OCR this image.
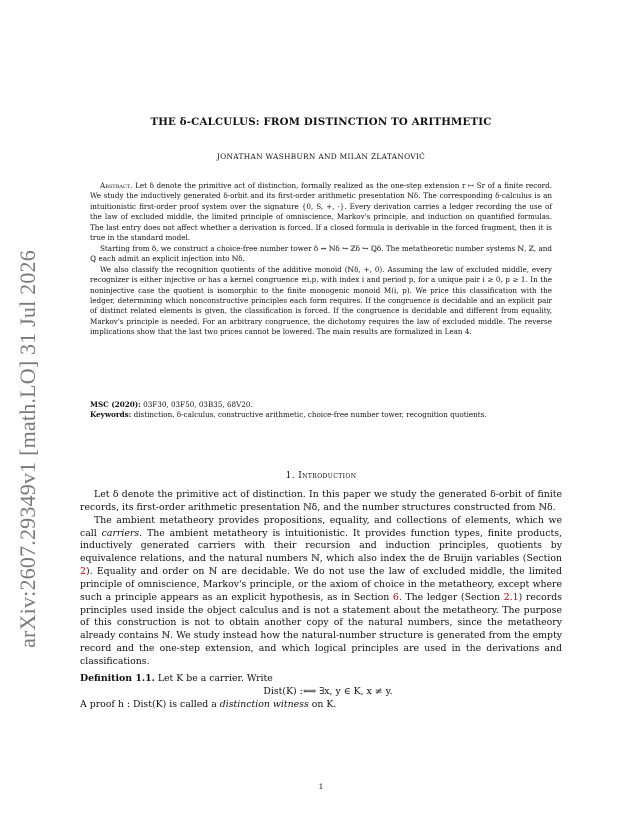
arXiv:2607.29349v1 [math.LO] 31 Jul 2026
THE δ-CALCULUS: FROM DISTINCTION TO ARITHMETIC
JONATHAN WASHBURN AND MILAN ZLATANOVIĆ

Abstract. Let δ denote the primitive act of distinction, formally realized as the one-step extension r ↦ Sr of a finite record. We study the inductively generated δ-orbit and its first-order arithmetic presentation ℕδ. The corresponding δ-calculus is an intuitionistic first-order proof system over the signature {0, S, +, ·}. Every derivation carries a ledger recording the use of the law of excluded middle, the limited principle of omniscience, Markov's principle, and induction on quantified formulas. The last entry does not affect whether a derivation is forced. If a closed formula is derivable in the forced fragment, then it is true in the standard model.

Starting from δ, we construct a choice-free number tower δ ⇝ ℕδ ↪ ℤδ ↪ ℚδ. The metatheoretic number systems ℕ, ℤ, and ℚ each admit an explicit injection into ℕδ.

We also classify the recognition quotients of the additive monoid (ℕδ, +, 0). Assuming the law of excluded middle, every recognizer is either injective or has a kernel congruence ≡i,p, with index i and period p, for a unique pair i ≥ 0, p ≥ 1. In the noninjective case the quotient is isomorphic to the finite monogenic monoid M(i, p). We price this classification with the ledger, determining which nonconstructive principles each form requires. If the congruence is decidable and an explicit pair of distinct related elements is given, the classification is forced. If the congruence is decidable and different from equality, Markov's principle is needed. For an arbitrary congruence, the dichotomy requires the law of excluded middle. The reverse implications show that the last two prices cannot be lowered. The main results are formalized in Lean 4.

MSC (2020): 03F30, 03F50, 03B35, 68V20.

Keywords: distinction, δ-calculus, constructive arithmetic, choice-free number tower, recognition quotients.

1. Introduction

Let δ denote the primitive act of distinction. In this paper we study the generated δ-orbit of finite records, its first-order arithmetic presentation ℕδ, and the number structures constructed from ℕδ.

The ambient metatheory provides propositions, equality, and collections of elements, which we call carriers. The ambient metatheory is intuitionistic. It provides function types, finite products, inductively generated carriers with their recursion and induction principles, quotients by equivalence relations, and the natural numbers ℕ, which also index the de Bruijn variables (Section 2). Equality and order on ℕ are decidable. We do not use the law of excluded middle, the limited principle of omniscience, Markov's principle, or the axiom of choice in the metatheory, except where such a principle appears as an explicit hypothesis, as in Section 6. The ledger (Section 2.1) records principles used inside the object calculus and is not a statement about the metatheory. The purpose of this construction is not to obtain another copy of the natural numbers, since the metatheory already contains ℕ. We study instead how the natural-number structure is generated from the empty record and the one-step extension, and which logical principles are used in the derivations and classifications.

Definition 1.1. Let K be a carrier. Write

Dist(K) :⟺ ∃x, y ∈ K, x ≠ y.

A proof h : Dist(K) is called a distinction witness on K.

1
